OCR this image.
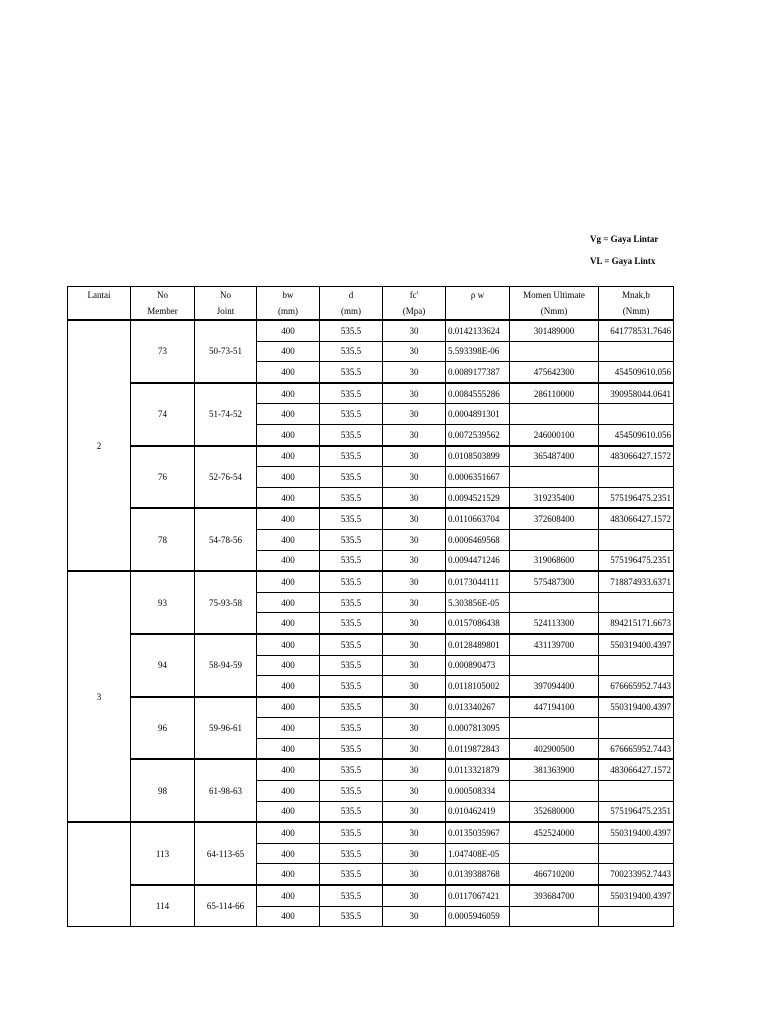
Vg = Gaya Lintar
VL = Gaya Lintx
Lantai	No	No	bw	d	fc'	ρ w	Momen Ultimate	Mnak,b
	Member	Joint	(mm)	(mm)	(Mpa)		(Nmm)	(Nmm)
2	73	50-73-51	400	535.5	30	0.0142133624	301489000	641778531.7646
			400	535.5	30	5.593398E-06		
			400	535.5	30	0.0089177387	475642300	454509610.056
	74	51-74-52	400	535.5	30	0.0084555286	286110000	390958044.0641
			400	535.5	30	0.0004891301		
			400	535.5	30	0.0072539562	246000100	454509610.056
	76	52-76-54	400	535.5	30	0.0108503899	365487400	483066427.1572
			400	535.5	30	0.0006351667		
			400	535.5	30	0.0094521529	319235400	575196475.2351
	78	54-78-56	400	535.5	30	0.0110663704	372608400	483066427.1572
			400	535.5	30	0.0006469568		
			400	535.5	30	0.0094471246	319068600	575196475.2351
3	93	75-93-58	400	535.5	30	0.0173044111	575487300	718874933.6371
			400	535.5	30	5.303856E-05		
			400	535.5	30	0.0157086438	524113300	894215171.6673
	94	58-94-59	400	535.5	30	0.0128489801	431139700	550319400.4397
			400	535.5	30	0.000890473		
			400	535.5	30	0.0118105002	397094400	676665952.7443
	96	59-96-61	400	535.5	30	0.013340267	447194100	550319400.4397
			400	535.5	30	0.0007813095		
			400	535.5	30	0.0119872843	402900500	676665952.7443
	98	61-98-63	400	535.5	30	0.0113321879	381363900	483066427.1572
			400	535.5	30	0.000508334		
			400	535.5	30	0.010462419	352680000	575196475.2351
	113	64-113-65	400	535.5	30	0.0135035967	452524000	550319400.4397
			400	535.5	30	1.047408E-05		
			400	535.5	30	0.0139388768	466710200	700233952.7443
	114	65-114-66	400	535.5	30	0.0117067421	393684700	550319400.4397
			400	535.5	30	0.0005946059		
